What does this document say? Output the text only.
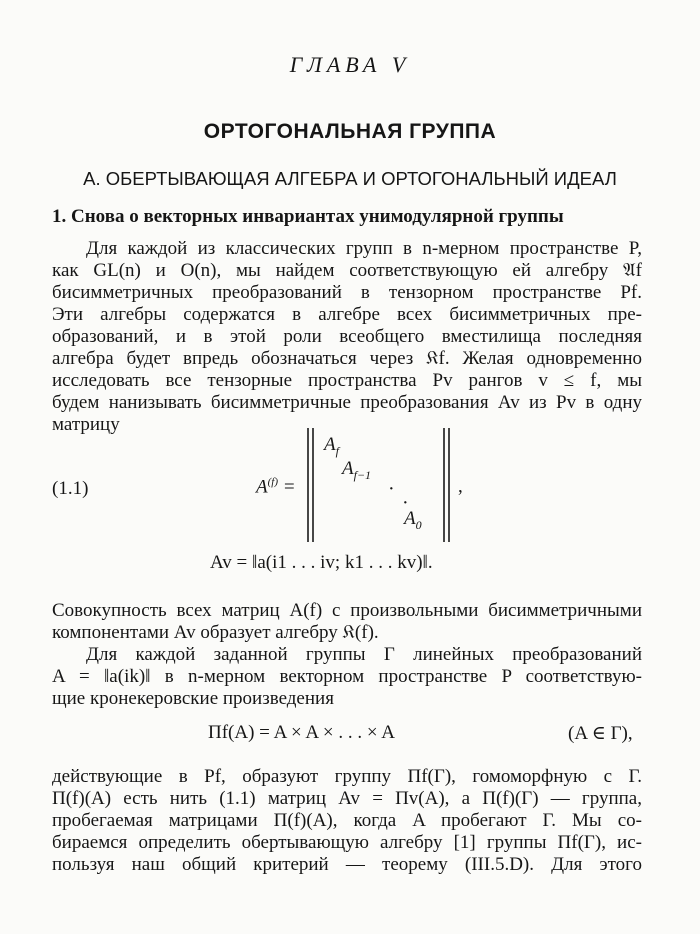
ГЛАВА V
ОРТОГОНАЛЬНАЯ ГРУППА
А. ОБЕРТЫВАЮЩАЯ АЛГЕБРА И ОРТОГОНАЛЬНЫЙ ИДЕАЛ
1. Снова о векторных инвариантах унимодулярной группы
Для каждой из классических групп в n-мерном пространстве P,
как GL(n) и O(n), мы найдем соответствующую ей алгебру 𝔄f
бисимметричных преобразований в тензорном пространстве Pf.
Эти алгебры содержатся в алгебре всех бисимметричных пре-
образований, и в этой роли всеобщего вместилища последняя
алгебра будет впредь обозначаться через 𝔎f. Желая одновременно
исследовать все тензорные пространства Pv рангов v ≤ f, мы
будем нанизывать бисимметричные преобразования Av из Pv в одну
матрицу
(1.1)	$A^{(f)}$ =
$A_f$
$A_{f-1}$
·
·
$A_0$
,
Av = ‖a(i1 . . . iv; k1 . . . kv)‖.
Совокупность всех матриц A(f) с произвольными бисимметричными
компонентами Av образует алгебру 𝔎(f).
Для каждой заданной группы Γ линейных преобразований
A = ‖a(ik)‖ в n-мерном векторном пространстве P соответствую-
щие кронекеровские произведения
Πf(A) = A × A × . . . × A	(A ∈ Γ),
действующие в Pf, образуют группу Πf(Γ), гомоморфную с Γ.
Π(f)(A) есть нить (1.1) матриц Av = Πv(A), а Π(f)(Γ) — группа,
пробегаемая матрицами Π(f)(A), когда A пробегают Γ. Мы со-
бираемся определить обертывающую алгебру [1] группы Πf(Γ), ис-
пользуя наш общий критерий — теорему (III.5.D). Для этого
